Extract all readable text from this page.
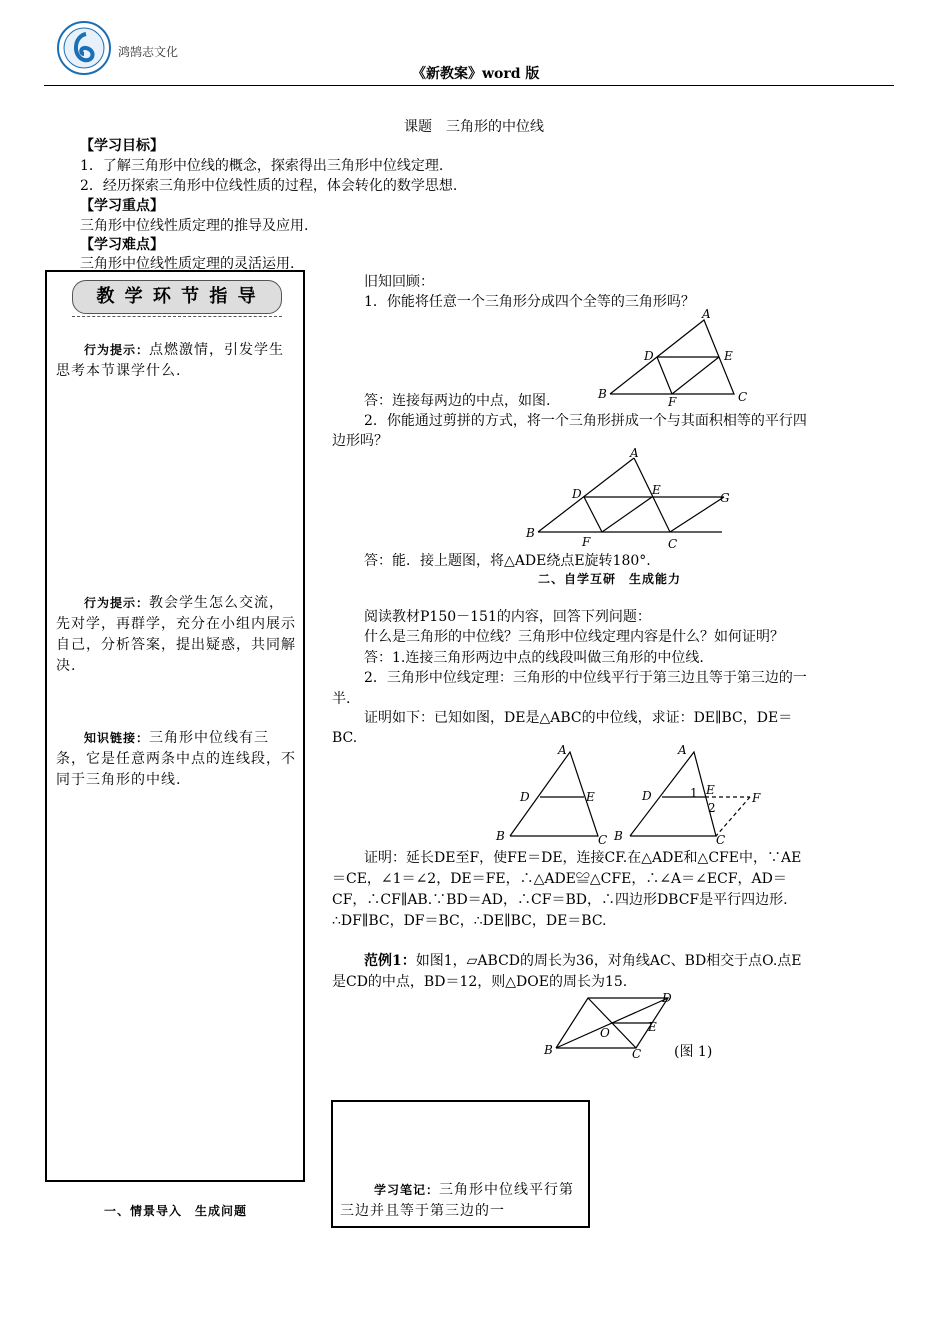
鸿鹄志文化
《新教案》word 版
课题　三角形的中位线
【学习目标】
1．了解三角形中位线的概念，探索得出三角形中位线定理.
2．经历探索三角形中位线性质的过程，体会转化的数学思想.
【学习重点】
三角形中位线性质定理的推导及应用.
【学习难点】
三角形中位线性质定理的灵活运用.
教 学 环 节 指 导
行为提示：点燃激情，引发学生思考本节课学什么.
行为提示：教会学生怎么交流，先对学，再群学，充分在小组内展示自己，分析答案，提出疑惑，共同解决.
知识链接：三角形中位线有三条，它是任意两条中点的连线段，不同于三角形的中线.
一、情景导入　生成问题
旧知回顾：
1．你能将任意一个三角形分成四个全等的三角形吗？
A
D	E
B
F	C
答：连接每两边的中点，如图.
2．你能通过剪拼的方式，将一个三角形拼成一个与其面积相等的平行四
边形吗？
A
D	E
G
B
F	C
答：能．接上题图，将△ADE绕点E旋转180°.
二、自学互研　生成能力
阅读教材P150－151的内容，回答下列问题：
什么是三角形的中位线？三角形中位线定理内容是什么？如何证明？
答：1.连接三角形两边中点的线段叫做三角形的中位线.
2．三角形中位线定理：三角形的中位线平行于第三边且等于第三边的一
半.
证明如下：已知如图，DE是△ABC的中位线，求证：DE∥BC，DE＝
BC.
A
D	E
B	C
A
D	1 E
2
F
B	C
证明：延长DE至F，使FE＝DE，连接CF.在△ADE和△CFE中，∵AE
＝CE，∠1＝∠2，DE＝FE，∴△ADE≌△CFE，∴∠A＝∠ECF，AD＝
CF，∴CF∥AB.∵BD＝AD，∴CF＝BD，∴四边形DBCF是平行四边形.
∴DF∥BC，DF＝BC，∴DE∥BC，DE＝BC.
范例1：如图1，▱ABCD的周长为36，对角线AC、BD相交于点O.点E
是CD的中点，BD＝12，则△DOE的周长为15.
D
O	E
B	C (图 1)
学习笔记：三角形中位线平行第三边并且等于第三边的一
